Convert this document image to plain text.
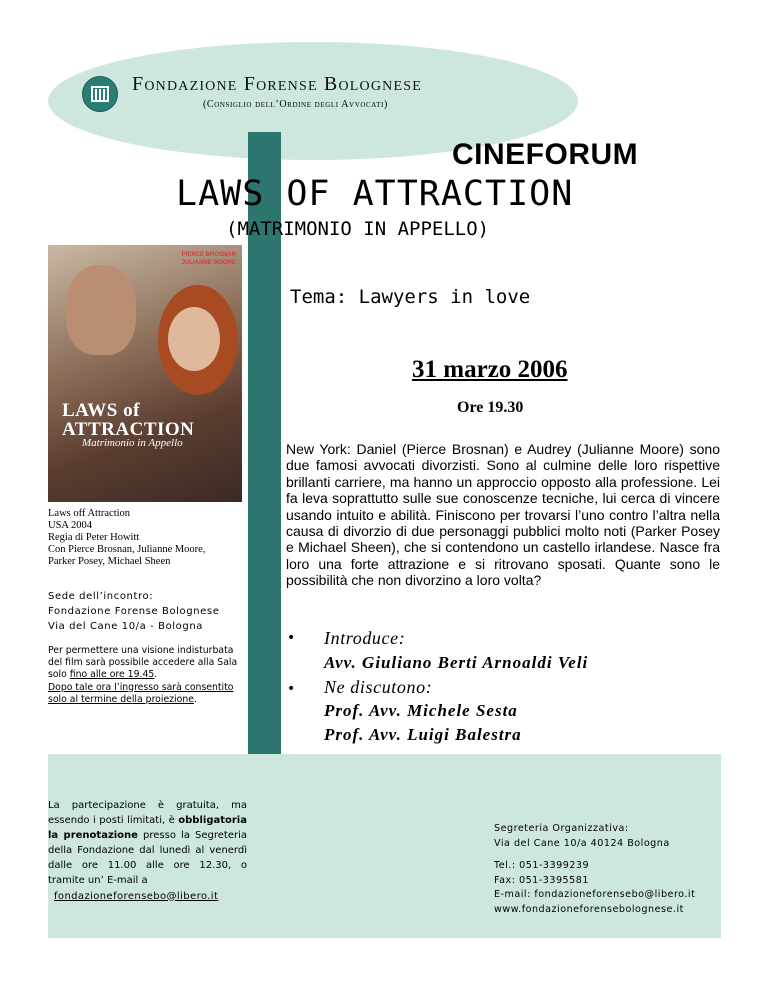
Fondazione Forense Bolognese
(Consiglio dell’Ordine degli Avvocati)
CINEFORUM
LAWS OF ATTRACTION
(MATRIMONIO IN APPELLO)
Tema: Lawyers in love
PIERCE BROSNAN
JULIANNE MOORE
LAWS of
ATTRACTION
Matrimonio in Appello
Laws off Attraction
USA 2004
Regia di Peter Howitt
Con Pierce Brosnan, Julianne Moore,
Parker Posey, Michael Sheen
Sede dell’incontro:
Fondazione Forense Bolognese
Via del Cane 10/a - Bologna
Per permettere una visione indisturbata del film sarà possibile accedere alla Sala solo fino alle ore 19.45.
Dopo tale ora l’ingresso sarà consentito solo al termine della proiezione.
31 marzo 2006
Ore 19.30
New York: Daniel (Pierce Brosnan) e Audrey (Julianne Moore) sono due famosi avvocati divorzisti. Sono al culmine delle loro rispettive brillanti carriere, ma hanno un approccio opposto alla professione. Lei fa leva soprattutto sulle sue conoscenze tecniche, lui cerca di vincere usando intuito e abilità. Finiscono per trovarsi l’uno contro l’altra nella causa di divorzio di due personaggi pubblici molto noti (Parker Posey e Michael Sheen), che si contendono un castello irlandese. Nasce fra loro una forte attrazione e si ritrovano sposati. Quante sono le possibilità che non divorzino a loro volta?
•
•
Introduce:
Avv. Giuliano Berti Arnoaldi Veli
Ne discutono:
Prof. Avv. Michele Sesta
Prof. Avv. Luigi Balestra
La partecipazione è gratuita, ma essendo i posti limitati, è obbligatoria la prenotazione presso la Segreteria della Fondazione dal lunedì al venerdì dalle ore 11.00 alle ore 12.30, o tramite un’ E-mail a
fondazioneforensebo@libero.it
Segreteria Organizzativa:
Via del Cane 10/a 40124 Bologna
Tel.: 051-3399239
Fax: 051-3395581
E-mail: fondazioneforensebo@libero.it
www.fondazioneforensebolognese.it
